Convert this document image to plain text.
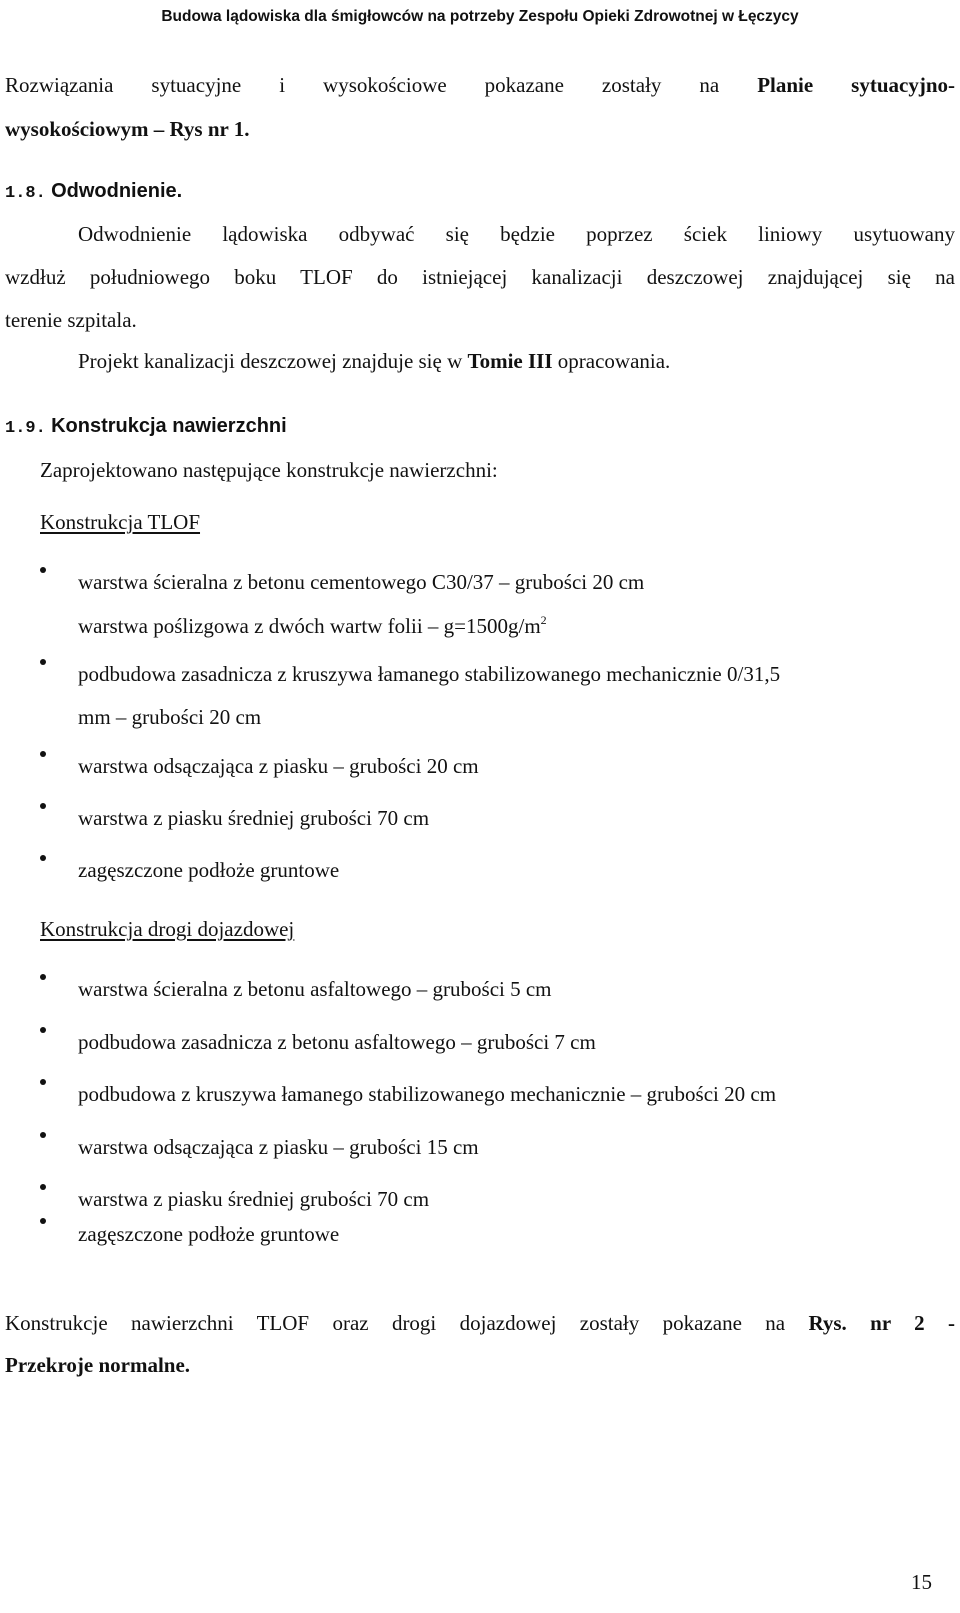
Budowa lądowiska dla śmigłowców na potrzeby Zespołu Opieki Zdrowotnej w Łęczycy
Rozwiązania sytuacyjne i wysokościowe pokazane zostały na Planie sytuacyjno-
wysokościowym – Rys nr 1.
1.8. Odwodnienie.
Odwodnienie lądowiska odbywać się będzie poprzez ściek liniowy usytuowany
wzdłuż południowego boku TLOF do istniejącej kanalizacji deszczowej znajdującej się na
terenie szpitala.
Projekt kanalizacji deszczowej znajduje się w Tomie III opracowania.
1.9. Konstrukcja nawierzchni
Zaprojektowano następujące konstrukcje nawierzchni:
Konstrukcja TLOF
warstwa ścieralna z betonu cementowego C30/37 – grubości 20 cm
warstwa poślizgowa z dwóch wartw folii – $g=1500g/m^2$
podbudowa zasadnicza z kruszywa łamanego stabilizowanego mechanicznie 0/31,5
mm – grubości 20 cm
warstwa odsączająca z piasku – grubości 20 cm
warstwa z piasku średniej grubości 70 cm
zagęszczone podłoże gruntowe
Konstrukcja drogi dojazdowej
warstwa ścieralna z betonu asfaltowego – grubości 5 cm
podbudowa zasadnicza z betonu asfaltowego – grubości 7 cm
podbudowa z kruszywa łamanego stabilizowanego mechanicznie – grubości 20 cm
warstwa odsączająca z piasku – grubości 15 cm
warstwa z piasku średniej grubości 70 cm
zagęszczone podłoże gruntowe
Konstrukcje nawierzchni TLOF oraz drogi dojazdowej zostały pokazane na Rys. nr 2 -
Przekroje normalne.
15
